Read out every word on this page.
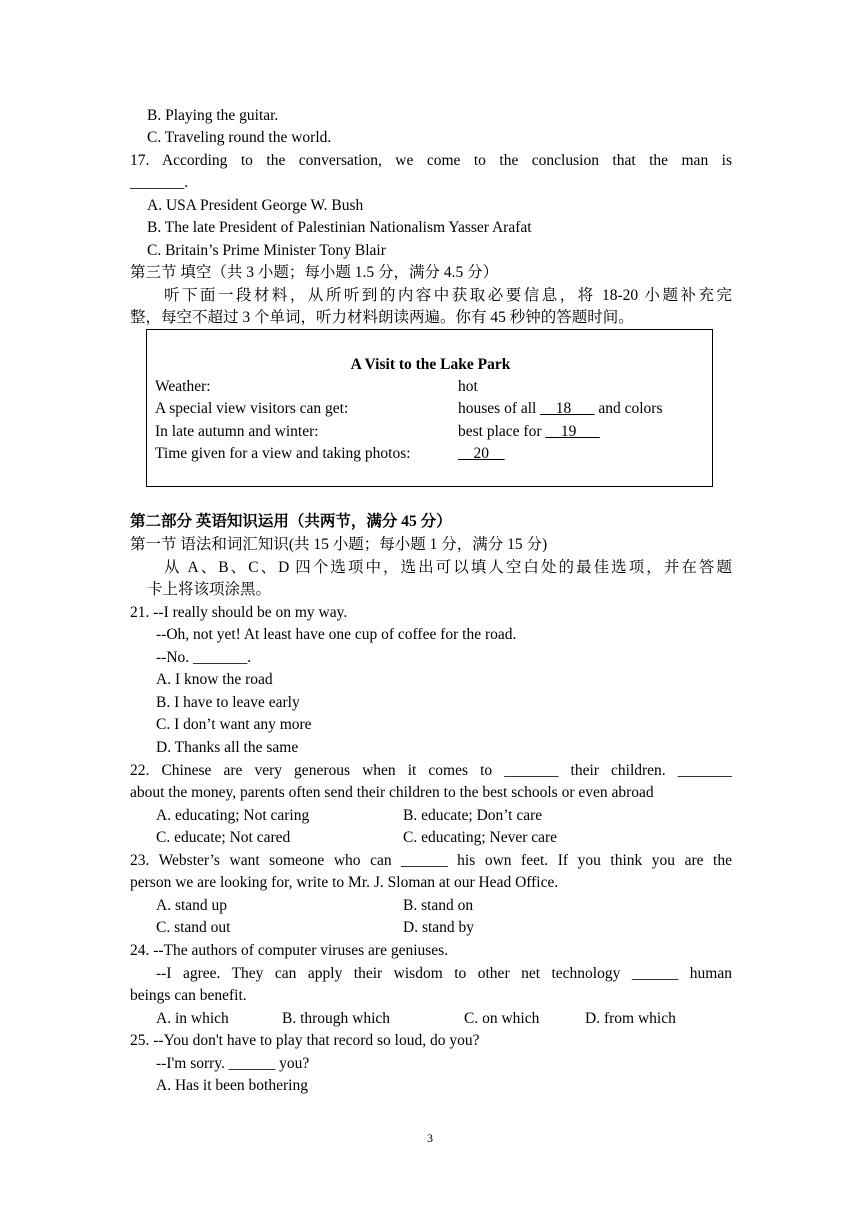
B. Playing the guitar.
C. Traveling round the world.
17. According to the conversation, we come to the conclusion that the man is
_______.
A. USA President George W. Bush
B. The late President of Palestinian Nationalism Yasser Arafat
C. Britain’s Prime Minister Tony Blair
第三节 填空（共 3 小题；每小题 1.5 分，满分 4.5 分）
听下面一段材料，从所听到的内容中获取必要信息，将 18-20 小题补充完
整，每空不超过 3 个单词，听力材料朗读两遍。你有 45 秒钟的答题时间。
A Visit to the Lake Park
Weather:	hot
A special view visitors can get:	houses of all __18___ and colors
In late autumn and winter:	best place for __19___
Time given for a view and taking photos:	__20__
第二部分 英语知识运用（共两节，满分 45 分）
第一节 语法和词汇知识(共 15 小题；每小题 1 分，满分 15 分)
从 A、B、C、D 四个选项中，选出可以填人空白处的最佳选项，并在答题
卡上将该项涂黑。
21. --I really should be on my way.
--Oh, not yet! At least have one cup of coffee for the road.
--No. _______.
A. I know the road
B. I have to leave early
C. I don’t want any more
D. Thanks all the same
22. Chinese are very generous when it comes to _______ their children. _______
about the money, parents often send their children to the best schools or even abroad
A. educating; Not caring	B. educate; Don’t care
C. educate; Not cared	C. educating; Never care
23. Webster’s want someone who can ______ his own feet. If you think you are the
person we are looking for, write to Mr. J. Sloman at our Head Office.
A. stand up	B. stand on
C. stand out	D. stand by
24. --The authors of computer viruses are geniuses.
--I agree. They can apply their wisdom to other net technology ______ human
beings can benefit.
A. in which	B. through which	C. on which	D. from which
25. --You don't have to play that record so loud, do you?
--I'm sorry. ______ you?
A. Has it been bothering
3
